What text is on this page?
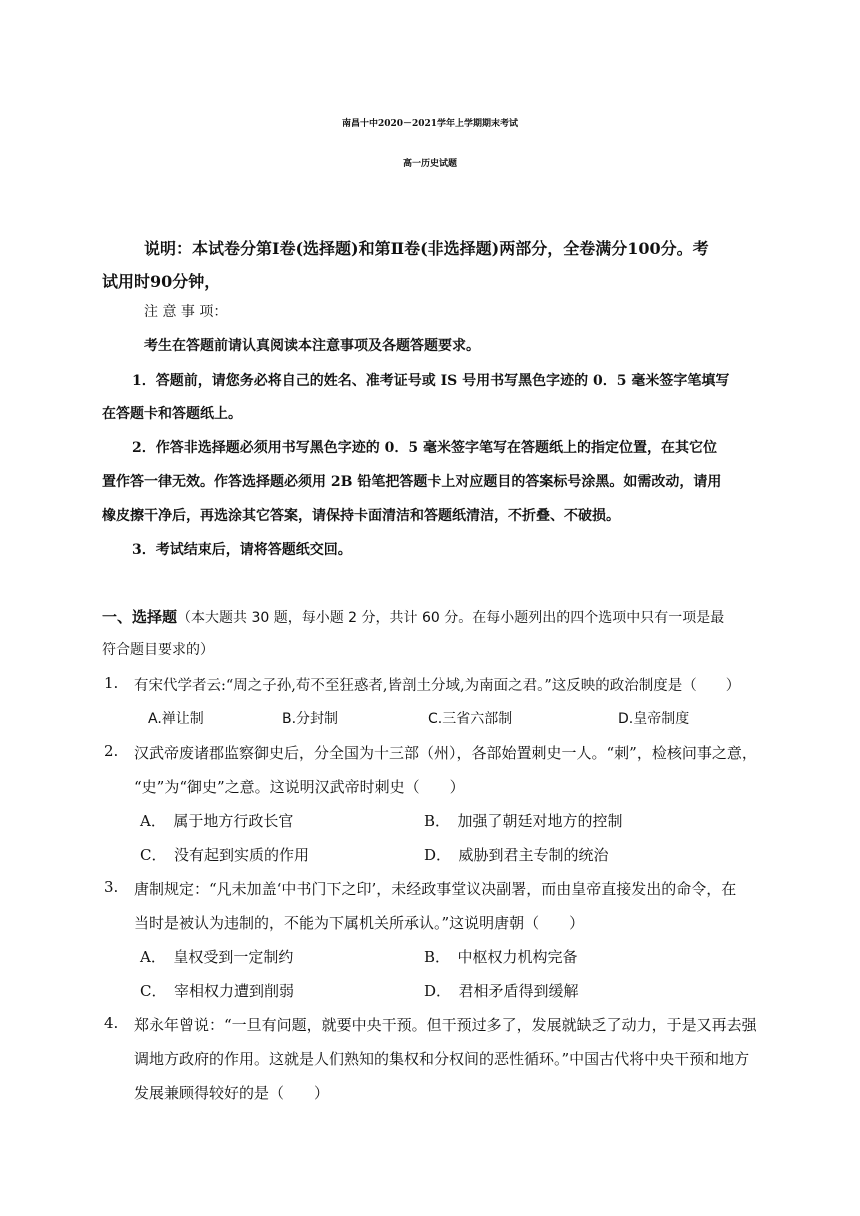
南昌十中2020－2021学年上学期期末考试
高一历史试题
说明：本试卷分第Ⅰ卷(选择题)和第Ⅱ卷(非选择题)两部分，全卷满分100分。考
试用时90分钟，
注 意 事 项：
考生在答题前请认真阅读本注意事项及各题答题要求。
1．答题前，请您务必将自己的姓名、准考证号或 IS 号用书写黑色字迹的 0．5 毫米签字笔填写
在答题卡和答题纸上。
2．作答非选择题必须用书写黑色字迹的 0．5 毫米签字笔写在答题纸上的指定位置，在其它位
置作答一律无效。作答选择题必须用 2B 铅笔把答题卡上对应题目的答案标号涂黑。如需改动，请用
橡皮擦干净后，再选涂其它答案，请保持卡面清洁和答题纸清洁，不折叠、不破损。
3．考试结束后，请将答题纸交回。
一、选择题（本大题共 30 题，每小题 2 分，共计 60 分。在每小题列出的四个选项中只有一项是最
符合题目要求的）
1. 有宋代学者云:“周之子孙,苟不至狂惑者,皆剖土分域,为南面之君。”这反映的政治制度是（　　）
A.禅让制	B.分封制	C.三省六部制	D.皇帝制度
2. 汉武帝废诸郡监察御史后，分全国为十三部（州），各部始置刺史一人。“刺”，检核问事之意，
“史”为“御史”之意。这说明汉武帝时刺史（　　）
A．　属于地方行政长官	B．　加强了朝廷对地方的控制
C．　没有起到实质的作用	D．　威胁到君主专制的统治
3. 唐制规定：“凡未加盖‘中书门下之印’，未经政事堂议决副署，而由皇帝直接发出的命令，在
当时是被认为违制的，不能为下属机关所承认。”这说明唐朝（　　）
A．　皇权受到一定制约	B．　中枢权力机构完备
C．　宰相权力遭到削弱	D．　君相矛盾得到缓解
4. 郑永年曾说：“一旦有问题，就要中央干预。但干预过多了，发展就缺乏了动力，于是又再去强
调地方政府的作用。这就是人们熟知的集权和分权间的恶性循环。”中国古代将中央干预和地方
发展兼顾得较好的是（　　）
